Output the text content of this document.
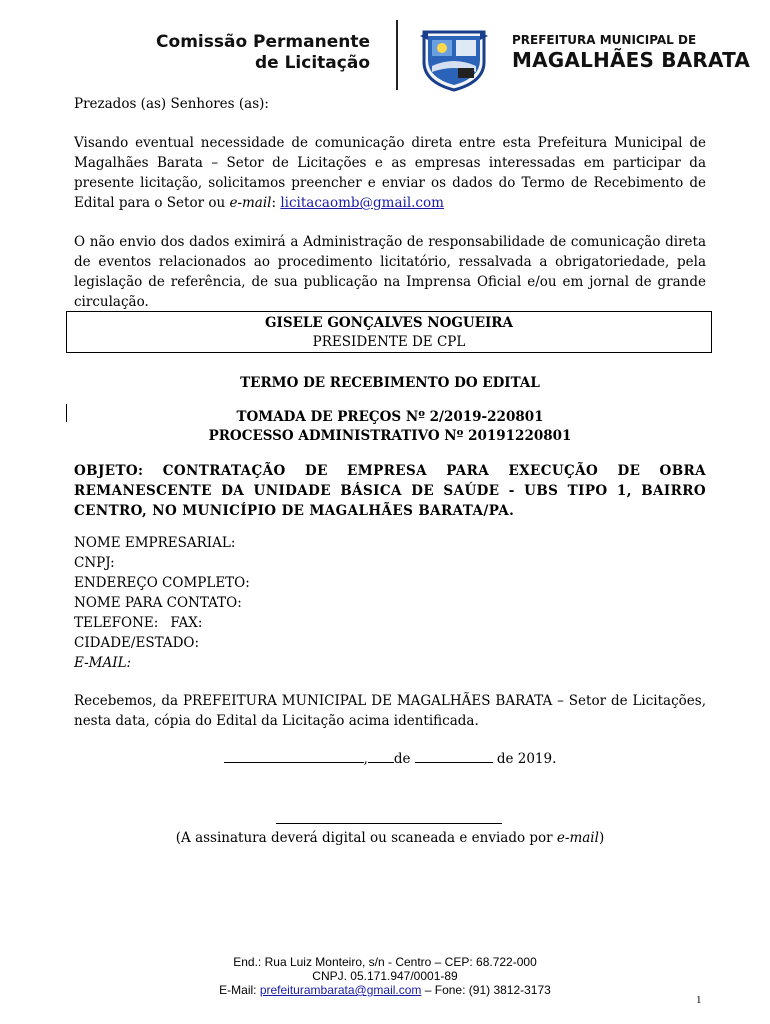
Comissão Permanente
de Licitação
PREFEITURA MUNICIPAL DE
MAGALHÃES BARATA
Prezados (as) Senhores (as):
Visando eventual necessidade de comunicação direta entre esta Prefeitura Municipal de Magalhães Barata – Setor de Licitações e as empresas interessadas em participar da presente licitação, solicitamos preencher e enviar os dados do Termo de Recebimento de Edital para o Setor ou e-mail: licitacaomb@gmail.com
O não envio dos dados eximirá a Administração de responsabilidade de comunicação direta de eventos relacionados ao procedimento licitatório, ressalvada a obrigatoriedade, pela legislação de referência, de sua publicação na Imprensa Oficial e/ou em jornal de grande circulação.
GISELE GONÇALVES NOGUEIRA
PRESIDENTE DE CPL
TERMO DE RECEBIMENTO DO EDITAL
TOMADA DE PREÇOS Nº 2/2019-220801
PROCESSO ADMINISTRATIVO Nº 20191220801
OBJETO: CONTRATAÇÃO DE EMPRESA PARA EXECUÇÃO DE OBRA REMANESCENTE DA UNIDADE BÁSICA DE SAÚDE - UBS TIPO 1, BAIRRO CENTRO, NO MUNICÍPIO DE MAGALHÃES BARATA/PA.
NOME EMPRESARIAL:
CNPJ:
ENDEREÇO COMPLETO:
NOME PARA CONTATO:
TELEFONE: FAX:
CIDADE/ESTADO:
E-MAIL:
Recebemos, da PREFEITURA MUNICIPAL DE MAGALHÃES BARATA – Setor de Licitações, nesta data, cópia do Edital da Licitação acima identificada.
, de	de 2019.
(A assinatura deverá digital ou scaneada e enviado por e-mail)
End.: Rua Luiz Monteiro, s/n - Centro – CEP: 68.722-000
CNPJ. 05.171.947/0001-89
E-Mail: prefeiturambarata@gmail.com – Fone: (91) 3812-3173
1
